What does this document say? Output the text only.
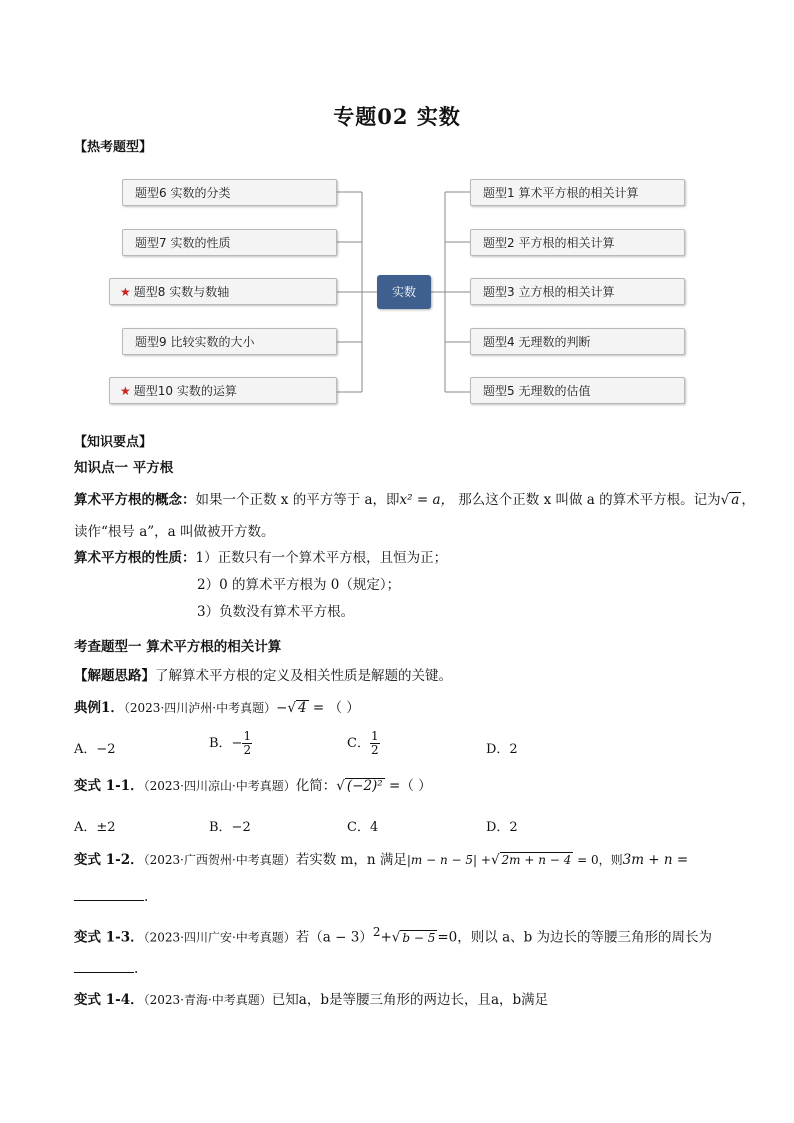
专题02 实数
【热考题型】
题型6 实数的分类
题型7 实数的性质
★ 题型8 实数与数轴
题型9 比较实数的大小
★ 题型10 实数的运算
实数
题型1 算术平方根的相关计算
题型2 平方根的相关计算
题型3 立方根的相关计算
题型4 无理数的判断
题型5 无理数的估值
【知识要点】
知识点一 平方根
算术平方根的概念：如果一个正数 x 的平方等于 a，即x² = a， 那么这个正数 x 叫做 a 的算术平方根。记为√ a ，
读作“根号 a”，a 叫做被开方数。
算术平方根的性质：1）正数只有一个算术平方根，且恒为正；
2）0 的算术平方根为 0（规定）；
3）负数没有算术平方根。
考查题型一 算术平方根的相关计算
【解题思路】了解算术平方根的定义及相关性质是解题的关键。
典例1．（2023·四川泸州·中考真题）−√ 4 = （ ）
A．−2	B．− $\frac{1}{2}$	C． $\frac{1}{2}$	D．2
变式 1-1．（2023·四川凉山·中考真题）化简：√ (−2)² =（ ）
A．±2	B．−2	C．4	D．2
变式 1-2．（2023·广西贺州·中考真题）若实数 m，n 满足|m − n − 5| +√ 2m + n − 4 = 0，则3m + n =
.
变式 1-3．（2023·四川广安·中考真题）若$(a - 3)^2+√$ b − 5 =0，则以 a、b 为边长的等腰三角形的周长为
.
变式 1-4．（2023·青海·中考真题）已知a，b是等腰三角形的两边长，且a，b满足
